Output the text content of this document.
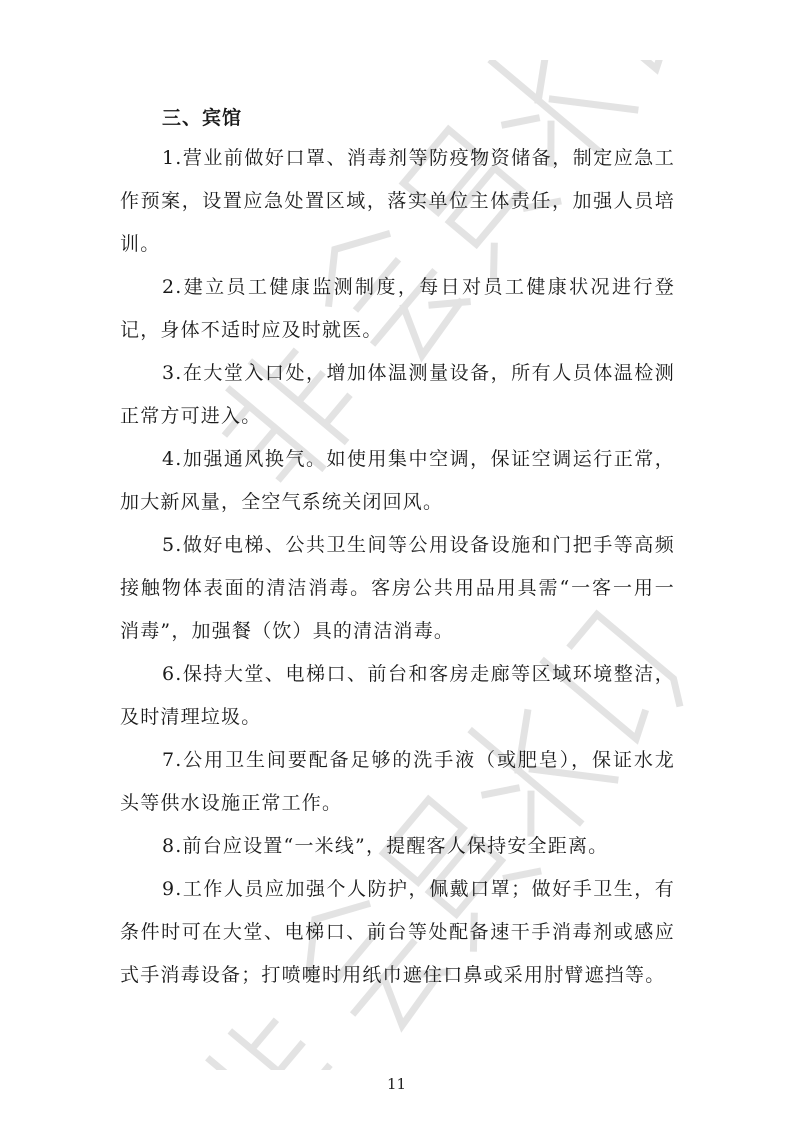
三、宾馆

1.营业前做好口罩、消毒剂等防疫物资储备，制定应急工作预案，设置应急处置区域，落实单位主体责任，加强人员培训。

2.建立员工健康监测制度，每日对员工健康状况进行登记，身体不适时应及时就医。

3.在大堂入口处，增加体温测量设备，所有人员体温检测正常方可进入。

4.加强通风换气。如使用集中空调，保证空调运行正常，加大新风量，全空气系统关闭回风。

5.做好电梯、公共卫生间等公用设备设施和门把手等高频接触物体表面的清洁消毒。客房公共用品用具需“一客一用一消毒”，加强餐（饮）具的清洁消毒。

6.保持大堂、电梯口、前台和客房走廊等区域环境整洁，及时清理垃圾。

7.公用卫生间要配备足够的洗手液（或肥皂），保证水龙头等供水设施正常工作。

8.前台应设置“一米线”，提醒客人保持安全距离。

9.工作人员应加强个人防护，佩戴口罩；做好手卫生，有条件时可在大堂、电梯口、前台等处配备速干手消毒剂或感应式手消毒设备；打喷嚏时用纸巾遮住口鼻或采用肘臂遮挡等。

11
